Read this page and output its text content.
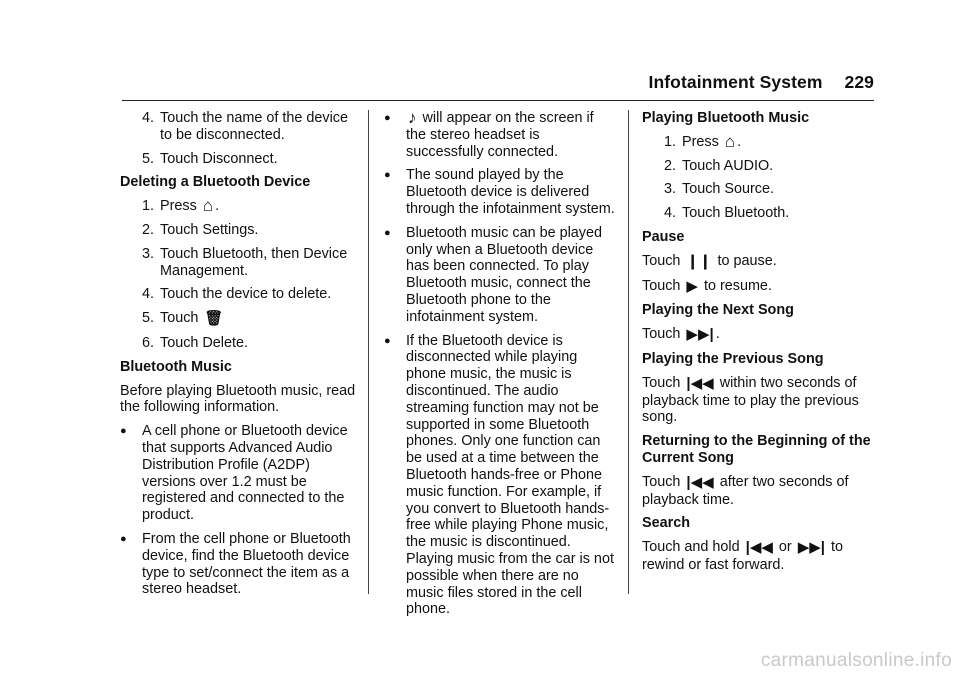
Infotainment System 229
4. Touch the name of the device to be disconnected.
5. Touch Disconnect.
Deleting a Bluetooth Device
1. Press ⌂ .
2. Touch Settings.
3. Touch Bluetooth, then Device Management.
4. Touch the device to delete.
5. Touch 🗑
6. Touch Delete.
Bluetooth Music
Before playing Bluetooth music, read the following information.
●	A cell phone or Bluetooth device that supports Advanced Audio Distribution Profile (A2DP) versions over 1.2 must be registered and connected to the product.
●	From the cell phone or Bluetooth device, find the Bluetooth device type to set/connect the item as a stereo headset.
●	♪ will appear on the screen if the stereo headset is successfully connected.
●	The sound played by the Bluetooth device is delivered through the infotainment system.
●	Bluetooth music can be played only when a Bluetooth device has been connected. To play Bluetooth music, connect the Bluetooth phone to the infotainment system.
●	If the Bluetooth device is disconnected while playing phone music, the music is discontinued. The audio streaming function may not be supported in some Bluetooth phones. Only one function can be used at a time between the Bluetooth hands-free or Phone music function. For example, if you convert to Bluetooth hands-free while playing Phone music, the music is discontinued. Playing music from the car is not possible when there are no music files stored in the cell phone.
Playing Bluetooth Music
1. Press ⌂ .
2. Touch AUDIO.
3. Touch Source.
4. Touch Bluetooth.
Pause
Touch ❙❙ to pause.
Touch ▶ to resume.
Playing the Next Song
Touch ▶▶| .
Playing the Previous Song
Touch |◀◀ within two seconds of playback time to play the previous song.
Returning to the Beginning of the Current Song
Touch |◀◀ after two seconds of playback time.
Search
Touch and hold |◀◀ or ▶▶| to rewind or fast forward.
carmanualsonline.info
